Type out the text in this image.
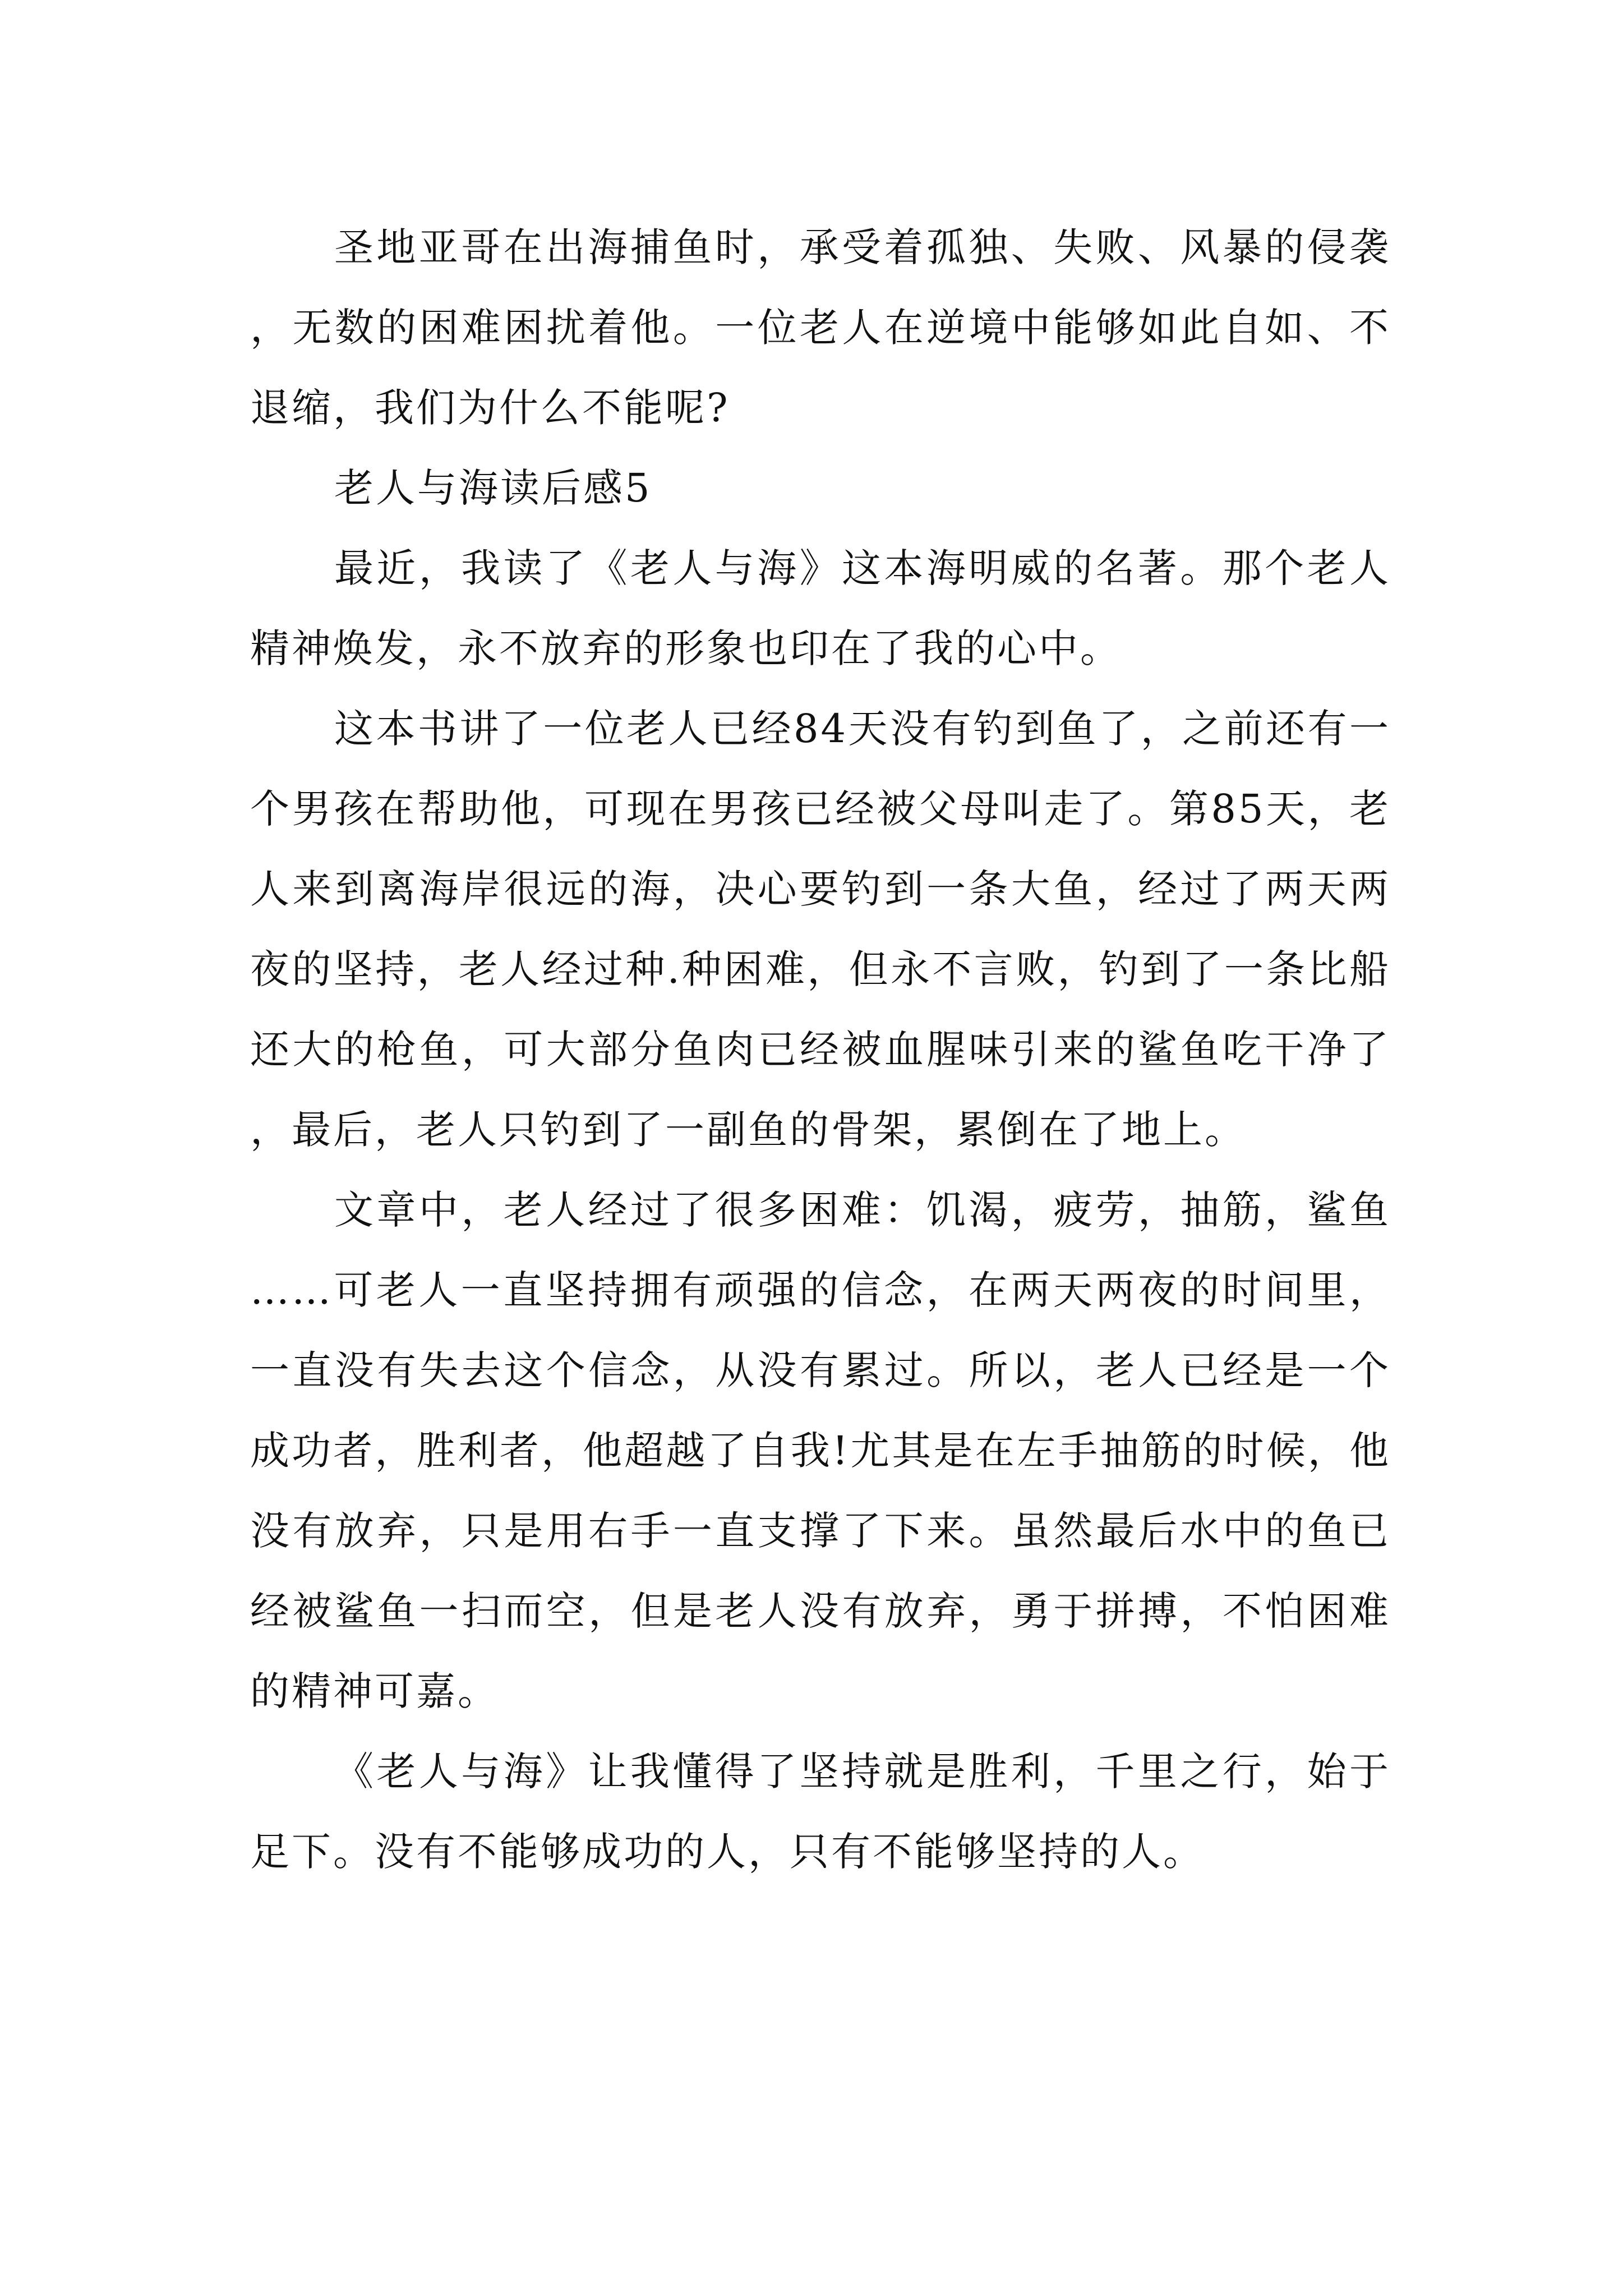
圣地亚哥在出海捕鱼时，承受着孤独、失败、风暴的侵袭，无数的困难困扰着他。一位老人在逆境中能够如此自如、不退缩，我们为什么不能呢?

老人与海读后感5

最近，我读了《老人与海》这本海明威的名著。那个老人精神焕发，永不放弃的形象也印在了我的心中。

这本书讲了一位老人已经84天没有钓到鱼了，之前还有一个男孩在帮助他，可现在男孩已经被父母叫走了。第85天，老人来到离海岸很远的海，决心要钓到一条大鱼，经过了两天两夜的坚持，老人经过种.种困难，但永不言败，钓到了一条比船还大的枪鱼，可大部分鱼肉已经被血腥味引来的鲨鱼吃干净了，最后，老人只钓到了一副鱼的骨架，累倒在了地上。

文章中，老人经过了很多困难：饥渴，疲劳，抽筋，鲨鱼……可老人一直坚持拥有顽强的信念，在两天两夜的时间里，一直没有失去这个信念，从没有累过。所以，老人已经是一个成功者，胜利者，他超越了自我!尤其是在左手抽筋的时候，他没有放弃，只是用右手一直支撑了下来。虽然最后水中的鱼已经被鲨鱼一扫而空，但是老人没有放弃，勇于拼搏，不怕困难的精神可嘉。

《老人与海》让我懂得了坚持就是胜利，千里之行，始于足下。没有不能够成功的人，只有不能够坚持的人。
